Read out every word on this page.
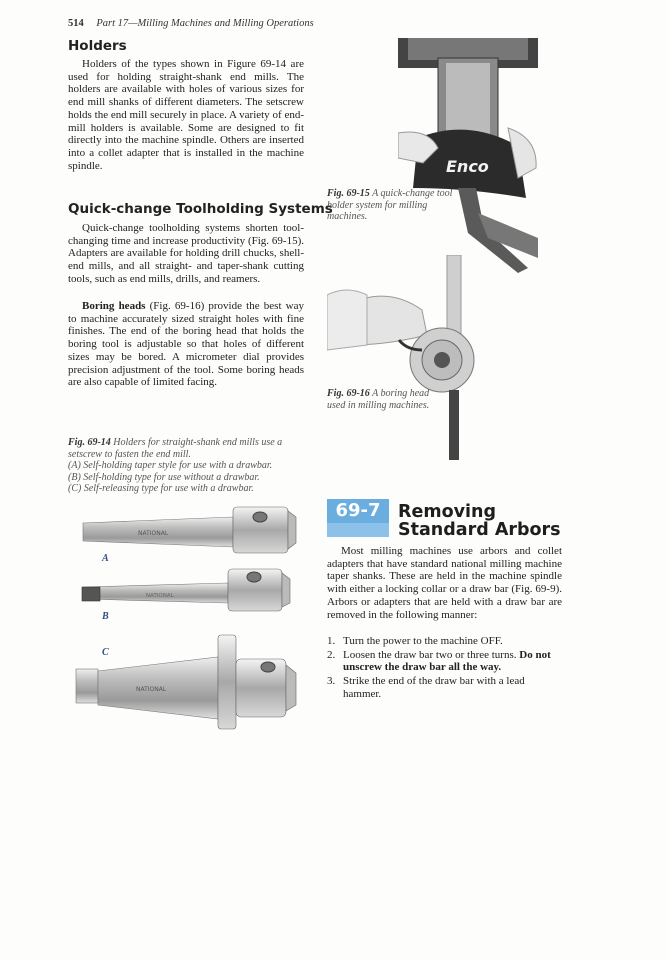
514 Part 17—Milling Machines and Milling Operations
Holders

Holders of the types shown in Figure 69-14 are used for holding straight-shank end mills. The holders are available with holes of various sizes for end mill shanks of different diameters. The setscrew holds the end mill securely in place. A variety of end-mill holders is available. Some are designed to fit directly into the machine spindle. Others are inserted into a collet adapter that is installed in the machine spindle.

Quick-change Toolholding Systems

Quick-change toolholding systems shorten tool-changing time and increase productivity (Fig. 69-15). Adapters are available for holding drill chucks, shell-end mills, and all straight- and taper-shank cutting tools, such as end mills, drills, and reamers.

Boring heads (Fig. 69-16) provide the best way to machine accurately sized straight holes with fine finishes. The end of the boring head that holds the boring tool is adjustable so that holes of different sizes may be bored. A micrometer dial provides precision adjustment of the tool. Some boring heads are also capable of limited facing.

Fig. 69-14 Holders for straight-shank end mills use a setscrew to fasten the end mill.
(A) Self-holding taper style for use with a drawbar.
(B) Self-holding type for use without a drawbar.
(C) Self-releasing type for use with a drawbar.
NATIONAL
A
NATIONAL
B
C
NATIONAL
Enco
Fig. 69-15 A quick-change tool holder system for milling machines.
Fig. 69-16 A boring head used in milling machines.
69-7 Removing
Standard Arbors

Most milling machines use arbors and collet adapters that have standard national milling machine taper shanks. These are held in the machine spindle with either a locking collar or a draw bar (Fig. 69-9). Arbors or adapters that are held with a draw bar are removed in the following manner:

1. Turn the power to the machine OFF.
2. Loosen the draw bar two or three turns. Do not unscrew the draw bar all the way.
3. Strike the end of the draw bar with a lead hammer.
